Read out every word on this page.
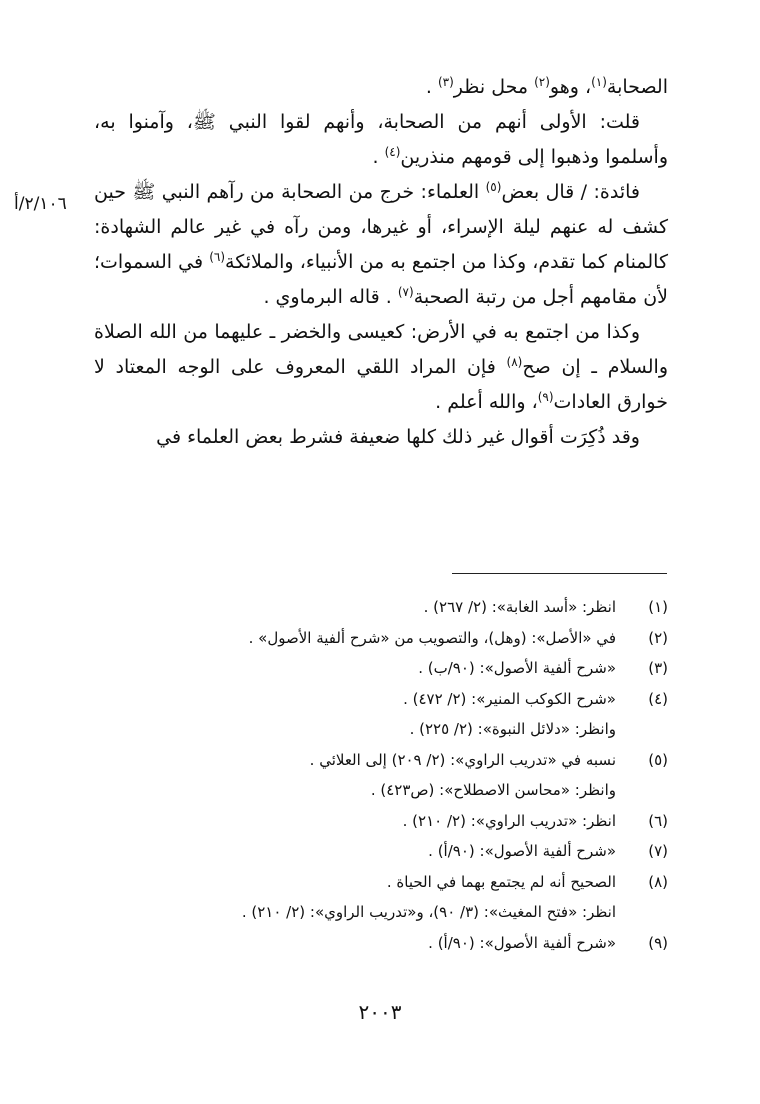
الصحابة$^{(١)}$، وهو$^{(٢)}$ محل نظر$^{(٣)}$ .

قلت: الأولى أنهم من الصحابة، وأنهم لقوا النبي ﷺ، وآمنوا به، وأسلموا وذهبوا إلى قومهم منذرين$^{(٤)}$ .

فائدة: / قال بعض$^{(٥)}$ العلماء: خرج من الصحابة من رآهم النبي ﷺ حين كشف له عنهم ليلة الإسراء، أو غيرها، ومن رآه في غير عالم الشهادة: كالمنام كما تقدم، وكذا من اجتمع به من الأنبياء، والملائكة$^{(٦)}$ في السموات؛ لأن مقامهم أجل من رتبة الصحبة$^{(٧)}$ . قاله البرماوي .

وكذا من اجتمع به في الأرض: كعيسى والخضر ـ عليهما من الله الصلاة والسلام ـ إن صح$^{(٨)}$ فإن المراد اللقي المعروف على الوجه المعتاد لا خوارق العادات$^{(٩)}$، والله أعلم .

وقد ذُكِرَت أقوال غير ذلك كلها ضعيفة فشرط بعض العلماء في

٢/١٠٦/أ
(١)
انظر: «أسد الغابة»: (٢/ ٢٦٧) .
(٢)
في «الأصل»: (وهل)، والتصويب من «شرح ألفية الأصول» .
(٣)
«شرح ألفية الأصول»: (٩٠/ب) .
(٤)
«شرح الكوكب المنير»: (٢/ ٤٧٢) .
وانظر: «دلائل النبوة»: (٢/ ٢٢٥) .
(٥)
نسبه في «تدريب الراوي»: (٢/ ٢٠٩) إلى العلائي .
وانظر: «محاسن الاصطلاح»: (ص٤٢٣) .
(٦)
انظر: «تدريب الراوي»: (٢/ ٢١٠) .
(٧)
«شرح ألفية الأصول»: (٩٠/أ) .
(٨)
الصحيح أنه لم يجتمع بهما في الحياة .
انظر: «فتح المغيث»: (٣/ ٩٠)، و«تدريب الراوي»: (٢/ ٢١٠) .
(٩)
«شرح ألفية الأصول»: (٩٠/أ) .
٢٠٠٣
